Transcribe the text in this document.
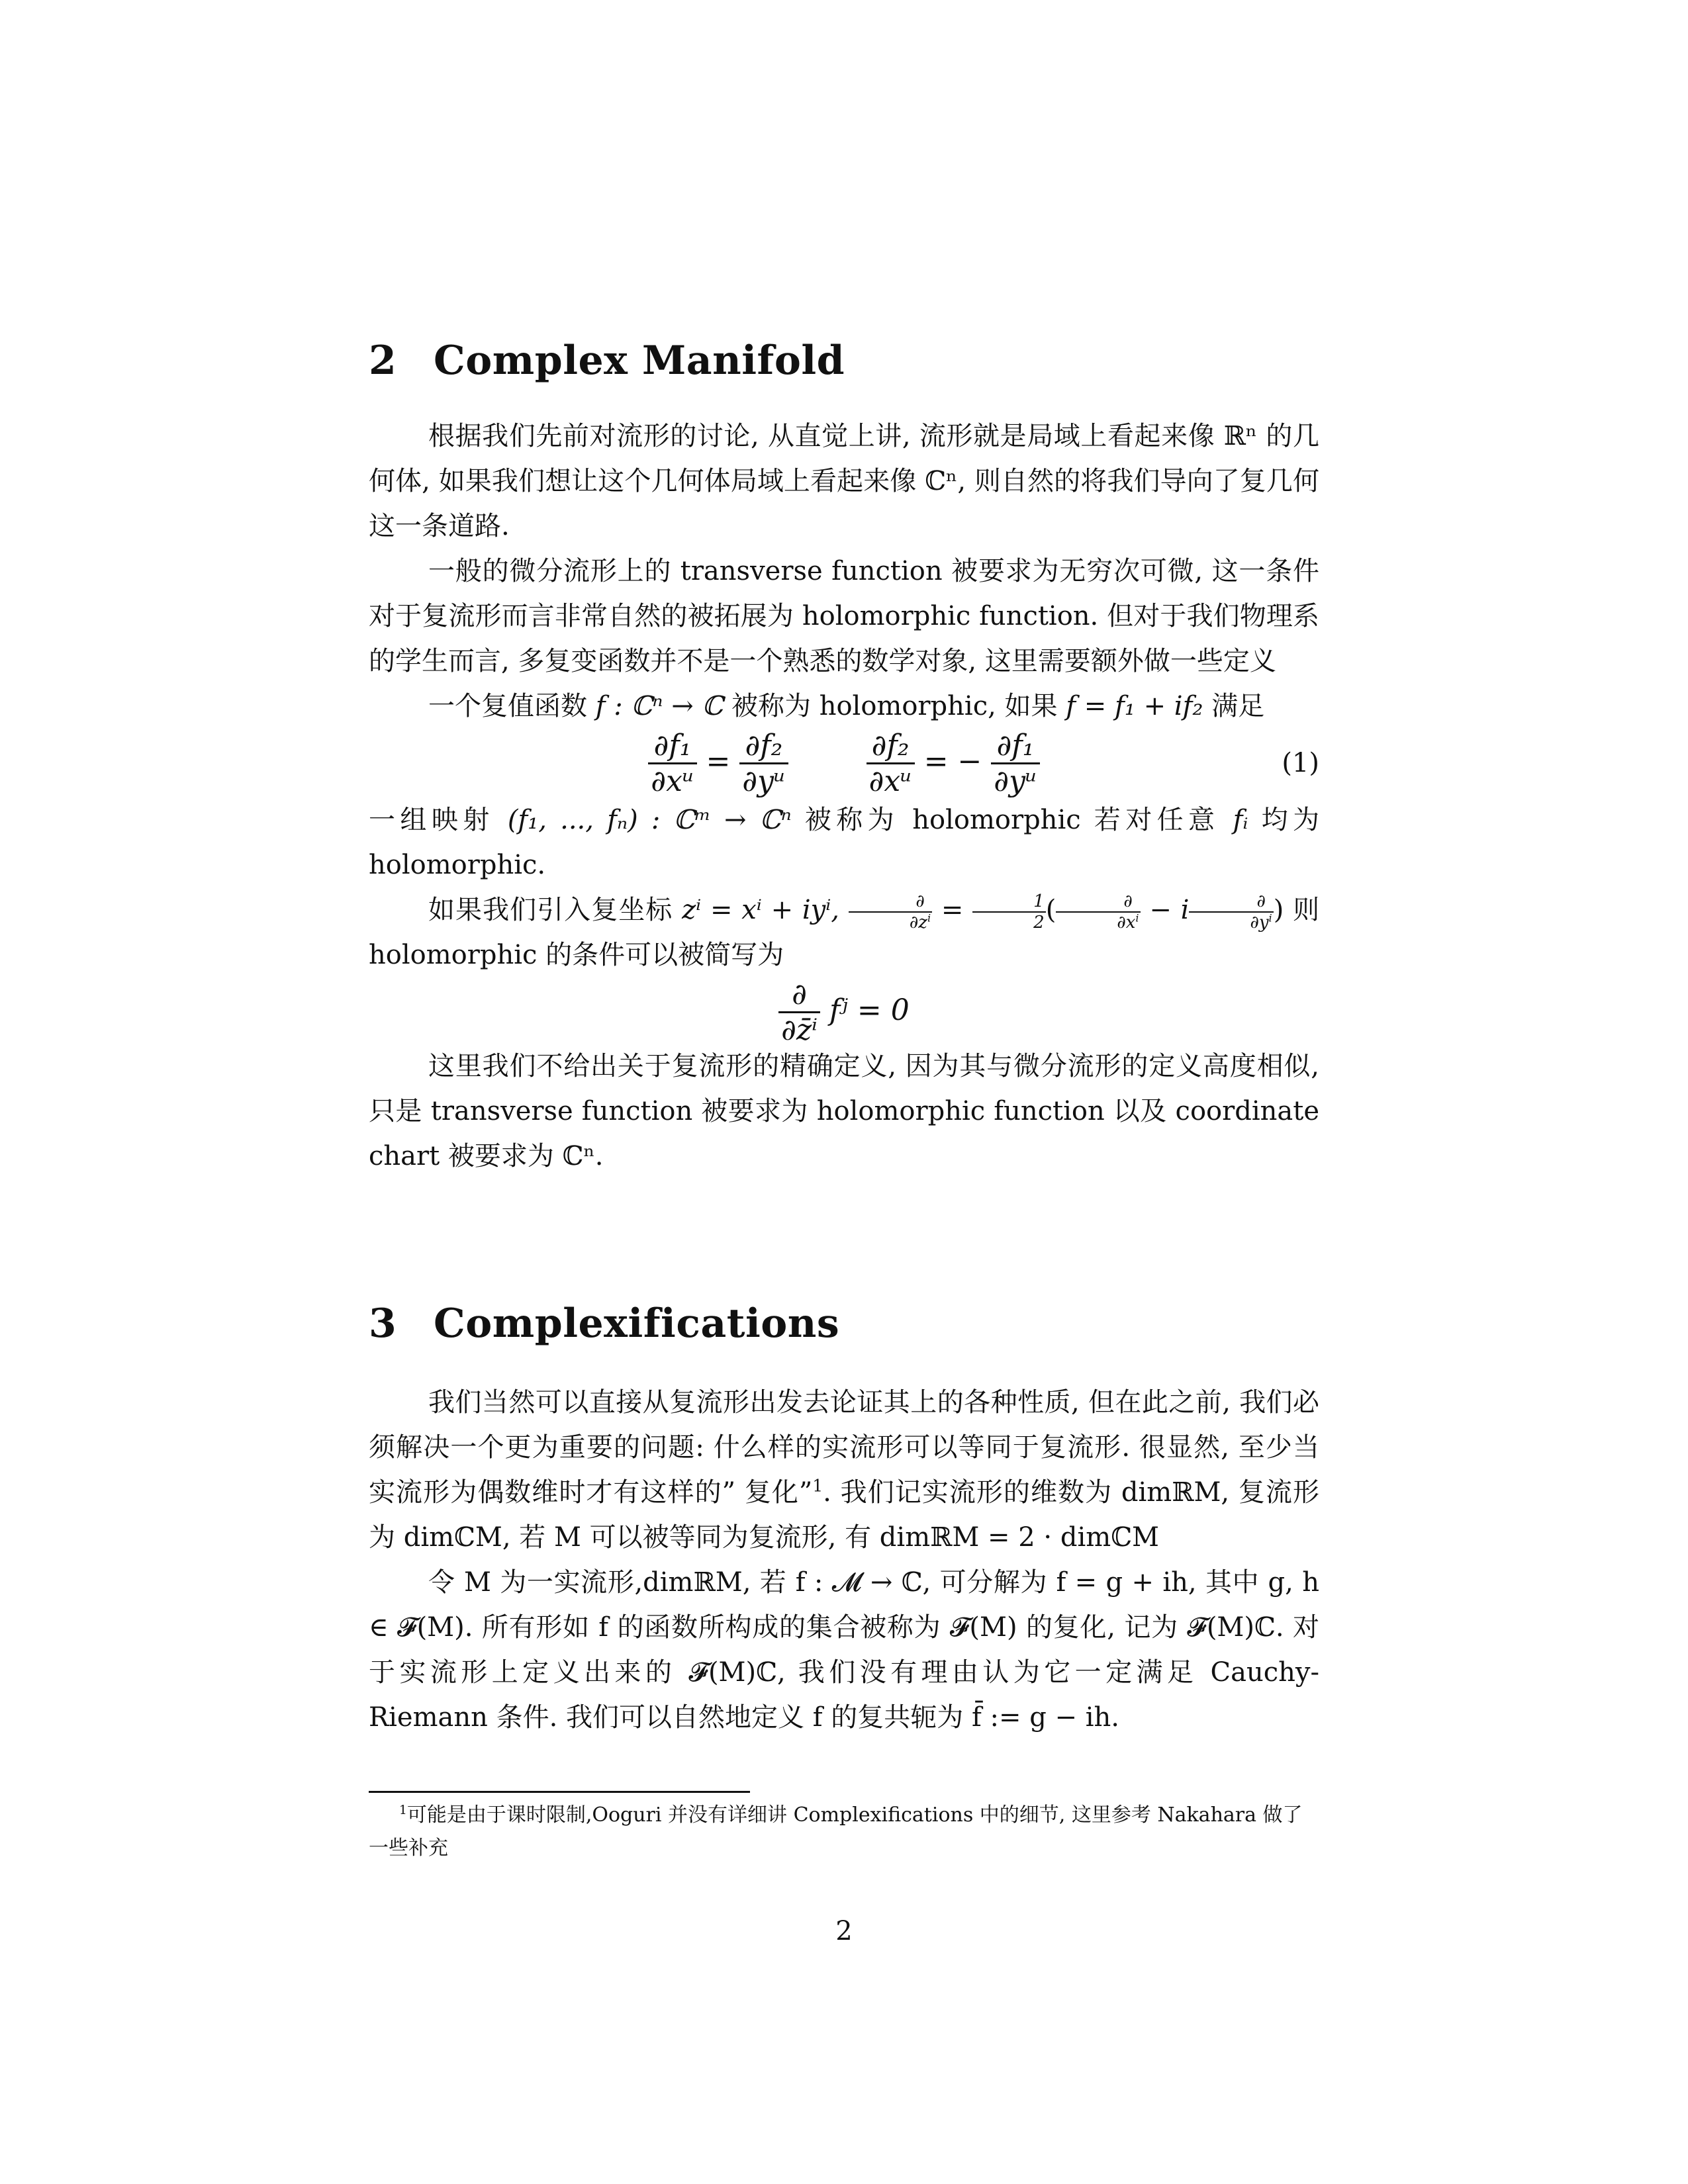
2 Complex Manifold

根据我们先前对流形的讨论, 从直觉上讲, 流形就是局域上看起来像 ℝⁿ 的几何体, 如果我们想让这个几何体局域上看起来像 ℂⁿ, 则自然的将我们导向了复几何这一条道路.

一般的微分流形上的 transverse function 被要求为无穷次可微, 这一条件对于复流形而言非常自然的被拓展为 holomorphic function. 但对于我们物理系的学生而言, 多复变函数并不是一个熟悉的数学对象, 这里需要额外做一些定义

一个复值函数 f : ℂⁿ → ℂ 被称为 holomorphic, 如果 f = f₁ + if₂ 满足

$\frac{\text{∂f₁}}{\text{∂xᵘ}} = \frac{\text{∂f₂}}{\text{∂yᵘ}}$
	$\frac{\text{∂f₂}}{\text{∂xᵘ}}$ = − $\frac{\text{∂f₁}}{\text{∂yᵘ}}$	(1)

一组映射 (f₁, ..., fₙ) : ℂᵐ → ℂⁿ 被称为 holomorphic 若对任意 fᵢ 均为 holomorphic.

如果我们引入复坐标 zⁱ = xⁱ + iyⁱ, $\frac{\partial}{\partial z^i} = \frac{1}{2}$ ( $\frac{\partial}{\partial x^i} - i \frac{\partial}{\partial y^i}$ ) 则 holomorphic 的条件可以被简写为

$\frac{\partial}{\text{∂z̄ⁱ}}$ fʲ = 0

这里我们不给出关于复流形的精确定义, 因为其与微分流形的定义高度相似, 只是 transverse function 被要求为 holomorphic function 以及 coordinate chart 被要求为 ℂⁿ.

3 Complexifications

我们当然可以直接从复流形出发去论证其上的各种性质, 但在此之前, 我们必须解决一个更为重要的问题: 什么样的实流形可以等同于复流形. 很显然, 至少当实流形为偶数维时才有这样的” 复化”$^1$. 我们记实流形的维数为 dimℝM, 复流形为 dimℂM, 若 M 可以被等同为复流形, 有 dimℝM = 2 · dimℂM

令 M 为一实流形,dimℝM, 若 f : 𝓜 → ℂ, 可分解为 f = g + ih, 其中 g, h ∈ 𝓕(M). 所有形如 f 的函数所构成的集合被称为 𝓕(M) 的复化, 记为 𝓕(M)ℂ. 对于实流形上定义出来的 𝓕(M)ℂ, 我们没有理由认为它一定满足 Cauchy-Riemann 条件. 我们可以自然地定义 f 的复共轭为 f̄ := g − ih.

$^1$可能是由于课时限制,Ooguri 并没有详细讲 Complexifications 中的细节, 这里参考 Nakahara 做了一些补充

2
